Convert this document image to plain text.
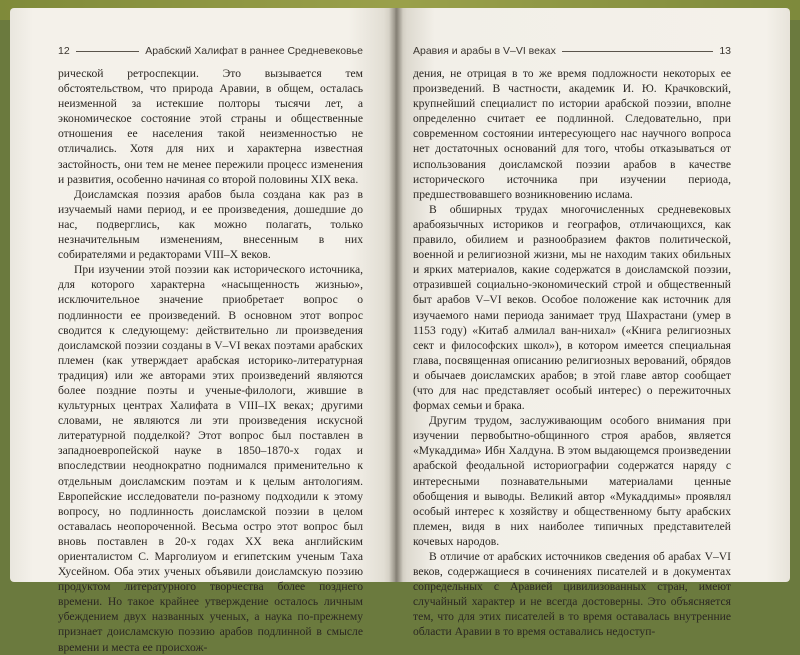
12	Арабский Халифат в раннее Средневековье

рической ретроспекции. Это вызывается тем обстоятельством, что природа Аравии, в общем, осталась неизменной за истекшие полторы тысячи лет, а экономическое состояние этой страны и общественные отношения ее населения такой неизменностью не отличались. Хотя для них и характерна известная застойность, они тем не менее пережили процесс изменения и развития, особенно начиная со второй половины XIX века.

Доисламская поэзия арабов была создана как раз в изучаемый нами период, и ее произведения, дошедшие до нас, подверглись, как можно полагать, только незначительным изменениям, внесенным в них собирателями и редакторами VIII–X веков.

При изучении этой поэзии как исторического источника, для которого характерна «насыщенность жизнью», исключительное значение приобретает вопрос о подлинности ее произведений. В основном этот вопрос сводится к следующему: действительно ли произведения доисламской поэзии созданы в V–VI веках поэтами арабских племен (как утверждает арабская историко-литературная традиция) или же авторами этих произведений являются более поздние поэты и ученые-филологи, жившие в культурных центрах Халифата в VIII–IX веках; другими словами, не являются ли эти произведения искусной литературной подделкой? Этот вопрос был поставлен в западноевропейской науке в 1850–1870-х годах и впоследствии неоднократно поднимался применительно к отдельным доисламским поэтам и к целым антологиям. Европейские исследователи по-разному подходили к этому вопросу, но подлинность доисламской поэзии в целом оставалась неопороченной. Весьма остро этот вопрос был вновь поставлен в 20-х годах XX века английским ориенталистом С. Марголиуом и египетским ученым Таха Хусейном. Оба этих ученых объявили доисламскую поэзию продуктом литературного творчества более позднего времени. Но такое крайнее утверждение осталось личным убеждением двух названных ученых, а наука по-прежнему признает доисламскую поэзию арабов подлинной в смысле времени и места ее происхож-

Аравия и арабы в V–VI веках	13

дения, не отрицая в то же время подложности некоторых ее произведений. В частности, академик И. Ю. Крачковский, крупнейший специалист по истории арабской поэзии, вполне определенно считает ее подлинной. Следовательно, при современном состоянии интересующего нас научного вопроса нет достаточных оснований для того, чтобы отказываться от использования доисламской поэзии арабов в качестве исторического источника при изучении периода, предшествовавшего возникновению ислама.

В обширных трудах многочисленных средневековых арабоязычных историков и географов, отличающихся, как правило, обилием и разнообразием фактов политической, военной и религиозной жизни, мы не находим таких обильных и ярких материалов, какие содержатся в доисламской поэзии, отразившей социально-экономический строй и общественный быт арабов V–VI веков. Особое положение как источник для изучаемого нами периода занимает труд Шахрастани (умер в 1153 году) «Китаб алмилал ван-нихал» («Книга религиозных сект и философских школ»), в котором имеется специальная глава, посвященная описанию религиозных верований, обрядов и обычаев доисламских арабов; в этой главе автор сообщает (что для нас представляет особый интерес) о пережиточных формах семьи и брака.

Другим трудом, заслуживающим особого внимания при изучении первобытно-общинного строя арабов, является «Мукаддима» Ибн Халдуна. В этом выдающемся произведении арабской феодальной историографии содержатся наряду с интересными познавательными материалами ценные обобщения и выводы. Великий автор «Мукаддимы» проявлял особый интерес к хозяйству и общественному быту арабских племен, видя в них наиболее типичных представителей кочевых народов.

В отличие от арабских источников сведения об арабах V–VI веков, содержащиеся в сочинениях писателей и в документах сопредельных с Аравией цивилизованных стран, имеют случайный характер и не всегда достоверны. Это объясняется тем, что для этих писателей в то время оставалась внутренние области Аравии в то время оставались недоступ-
